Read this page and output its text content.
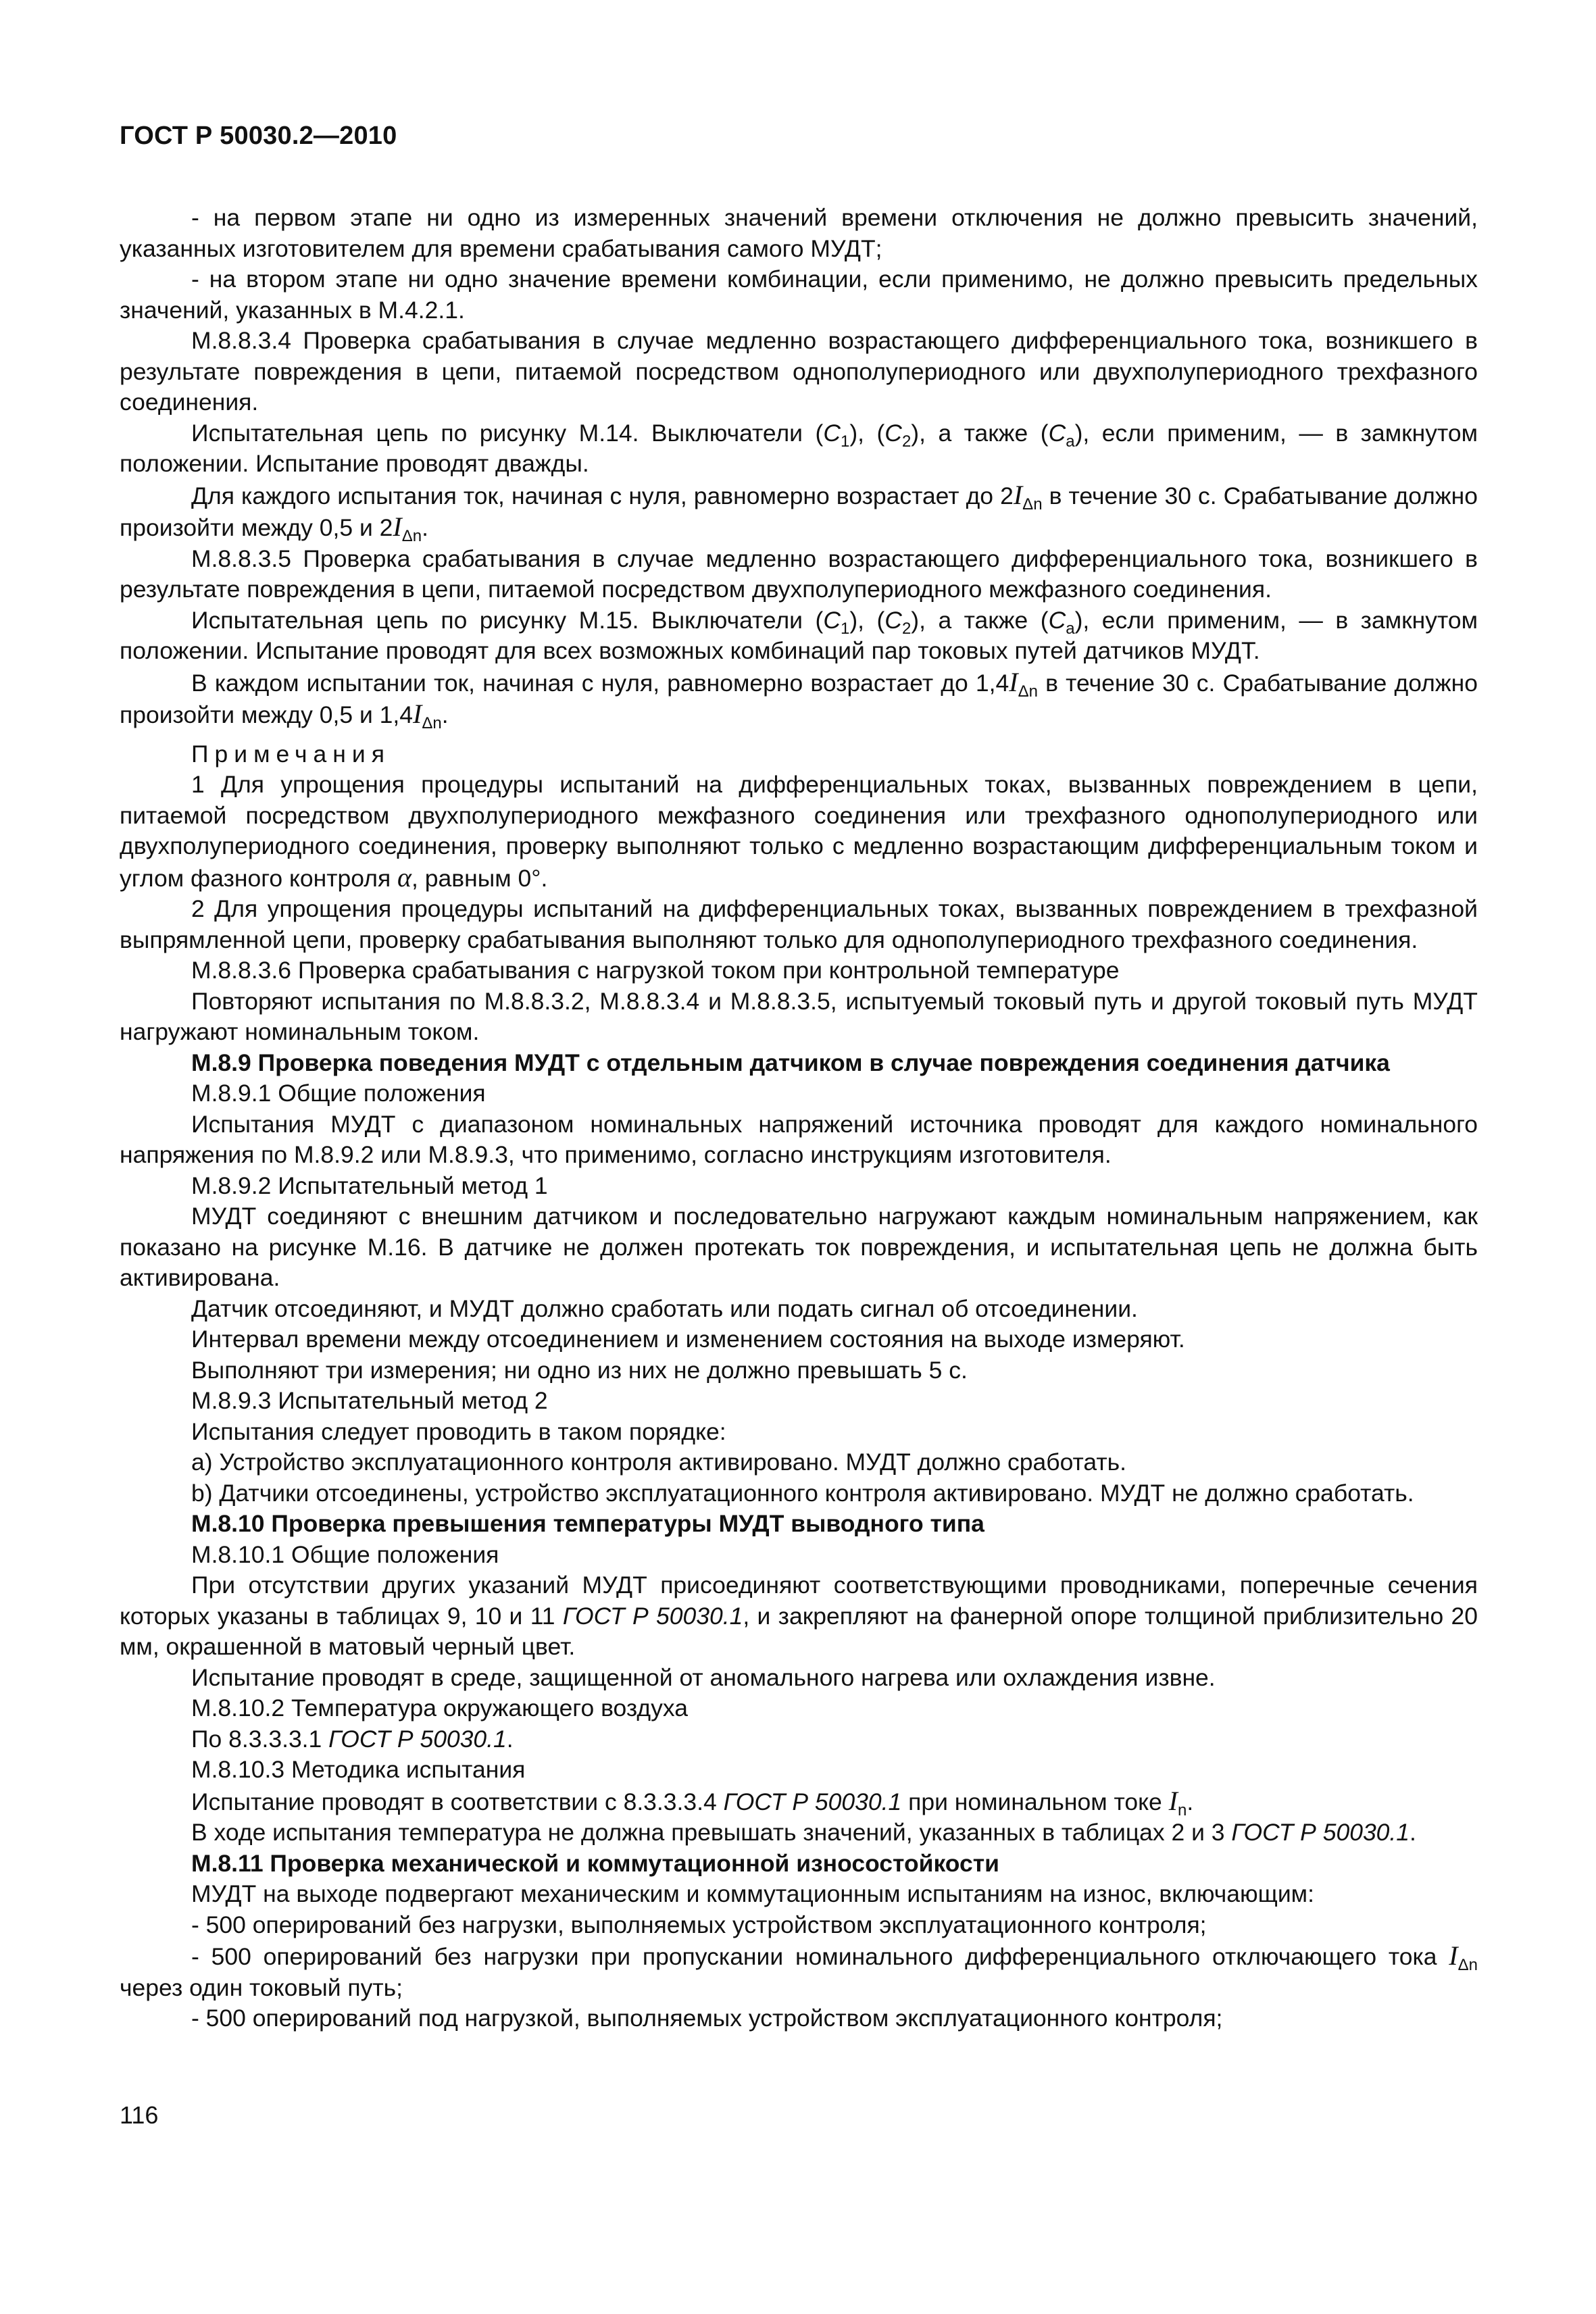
ГОСТ Р 50030.2—2010

- на первом этапе ни одно из измеренных значений времени отключения не должно превысить значений, указанных изготовителем для времени срабатывания самого МУДТ;

- на втором этапе ни одно значение времени комбинации, если применимо, не должно превысить предельных значений, указанных в М.4.2.1.

М.8.8.3.4 Проверка срабатывания в случае медленно возрастающего дифференциального тока, возникшего в результате повреждения в цепи, питаемой посредством однополупериодного или двухполупериодного трехфазного соединения.

Испытательная цепь по рисунку М.14. Выключатели $(C_1)$, $(C_2)$, а также $(C_a)$, если применим, — в замкнутом положении. Испытание проводят дважды.

Для каждого испытания ток, начиная с нуля, равномерно возрастает до $2I_{\Delta n}$ в течение 30 с. Срабатывание должно произойти между 0,5 и $2I_{\Delta n}$.

М.8.8.3.5 Проверка срабатывания в случае медленно возрастающего дифференциального тока, возникшего в результате повреждения в цепи, питаемой посредством двухполупериодного межфазного соединения.

Испытательная цепь по рисунку М.15. Выключатели $(C_1)$, $(C_2)$, а также $(C_a)$, если применим, — в замкнутом положении. Испытание проводят для всех возможных комбинаций пар токовых путей датчиков МУДТ.

В каждом испытании ток, начиная с нуля, равномерно возрастает до $1,4I_{\Delta n}$ в течение 30 с. Срабатывание должно произойти между 0,5 и $1,4I_{\Delta n}$.

Примечания

1 Для упрощения процедуры испытаний на дифференциальных токах, вызванных повреждением в цепи, питаемой посредством двухполупериодного межфазного соединения или трехфазного однополупериодного или двухполупериодного соединения, проверку выполняют только с медленно возрастающим дифференциальным током и углом фазного контроля α, равным 0°.

2 Для упрощения процедуры испытаний на дифференциальных токах, вызванных повреждением в трехфазной выпрямленной цепи, проверку срабатывания выполняют только для однополупериодного трехфазного соединения.

М.8.8.3.6 Проверка срабатывания с нагрузкой током при контрольной температуре

Повторяют испытания по М.8.8.3.2, М.8.8.3.4 и М.8.8.3.5, испытуемый токовый путь и другой токовый путь МУДТ нагружают номинальным током.

М.8.9 Проверка поведения МУДТ с отдельным датчиком в случае повреждения соединения датчика

М.8.9.1 Общие положения

Испытания МУДТ с диапазоном номинальных напряжений источника проводят для каждого номинального напряжения по М.8.9.2 или М.8.9.3, что применимо, согласно инструкциям изготовителя.

М.8.9.2 Испытательный метод 1

МУДТ соединяют с внешним датчиком и последовательно нагружают каждым номинальным напряжением, как показано на рисунке М.16. В датчике не должен протекать ток повреждения, и испытательная цепь не должна быть активирована.

Датчик отсоединяют, и МУДТ должно сработать или подать сигнал об отсоединении.

Интервал времени между отсоединением и изменением состояния на выходе измеряют.

Выполняют три измерения; ни одно из них не должно превышать 5 с.

М.8.9.3 Испытательный метод 2

Испытания следует проводить в таком порядке:

a) Устройство эксплуатационного контроля активировано. МУДТ должно сработать.

b) Датчики отсоединены, устройство эксплуатационного контроля активировано. МУДТ не должно сработать.

М.8.10 Проверка превышения температуры МУДТ выводного типа

М.8.10.1 Общие положения

При отсутствии других указаний МУДТ присоединяют соответствующими проводниками, поперечные сечения которых указаны в таблицах 9, 10 и 11 ГОСТ Р 50030.1, и закрепляют на фанерной опоре толщиной приблизительно 20 мм, окрашенной в матовый черный цвет.

Испытание проводят в среде, защищенной от аномального нагрева или охлаждения извне.

М.8.10.2 Температура окружающего воздуха

По 8.3.3.3.1 ГОСТ Р 50030.1.

М.8.10.3 Методика испытания

Испытание проводят в соответствии с 8.3.3.3.4 ГОСТ Р 50030.1 при номинальном токе $I_n$.

В ходе испытания температура не должна превышать значений, указанных в таблицах 2 и 3 ГОСТ Р 50030.1.

М.8.11 Проверка механической и коммутационной износостойкости

МУДТ на выходе подвергают механическим и коммутационным испытаниям на износ, включающим:

- 500 оперирований без нагрузки, выполняемых устройством эксплуатационного контроля;

- 500 оперирований без нагрузки при пропускании номинального дифференциального отключающего тока $I_{\Delta n}$ через один токовый путь;

- 500 оперирований под нагрузкой, выполняемых устройством эксплуатационного контроля;

116
